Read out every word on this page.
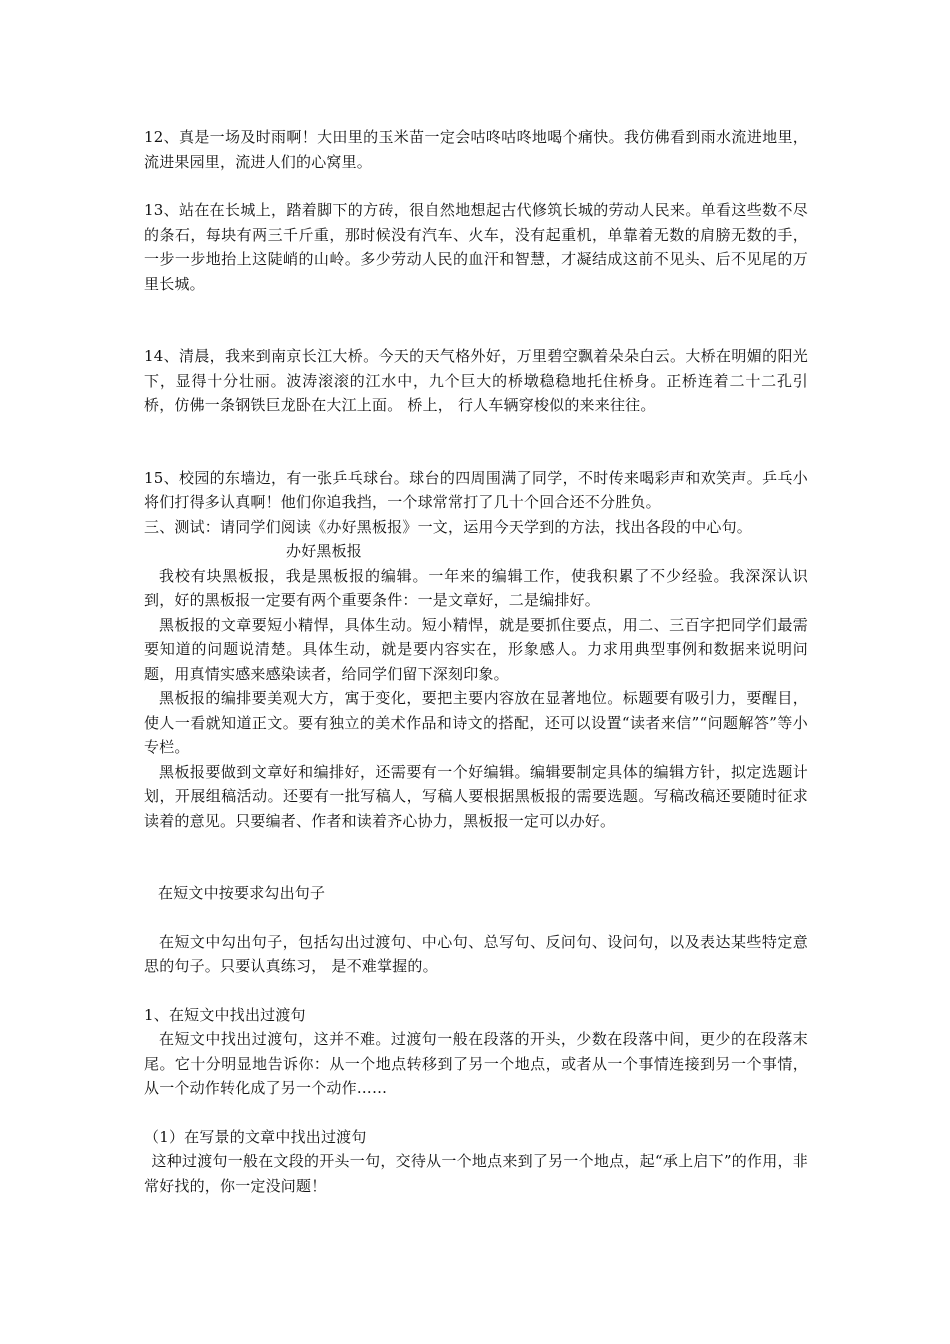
12、真是一场及时雨啊！大田里的玉米苗一定会咕咚咕咚地喝个痛快。我仿佛看到雨水流进地里，流进果园里，流进人们的心窝里。

13、站在在长城上，踏着脚下的方砖，很自然地想起古代修筑长城的劳动人民来。单看这些数不尽的条石，每块有两三千斤重，那时候没有汽车、火车，没有起重机，单靠着无数的肩膀无数的手，一步一步地抬上这陡峭的山岭。多少劳动人民的血汗和智慧，才凝结成这前不见头、后不见尾的万里长城。

14、清晨，我来到南京长江大桥。今天的天气格外好，万里碧空飘着朵朵白云。大桥在明媚的阳光下，显得十分壮丽。波涛滚滚的江水中，九个巨大的桥墩稳稳地托住桥身。正桥连着二十二孔引桥，仿佛一条钢铁巨龙卧在大江上面。 桥上， 行人车辆穿梭似的来来往往。

15、校园的东墙边，有一张乒乓球台。球台的四周围满了同学，不时传来喝彩声和欢笑声。乒乓小将们打得多认真啊！他们你追我挡，一个球常常打了几十个回合还不分胜负。

三、测试：请同学们阅读《办好黑板报》一文，运用今天学到的方法，找出各段的中心句。

办好黑板报

我校有块黑板报，我是黑板报的编辑。一年来的编辑工作，使我积累了不少经验。我深深认识到，好的黑板报一定要有两个重要条件：一是文章好，二是编排好。

黑板报的文章要短小精悍，具体生动。短小精悍，就是要抓住要点，用二、三百字把同学们最需要知道的问题说清楚。具体生动，就是要内容实在，形象感人。力求用典型事例和数据来说明问题，用真情实感来感染读者，给同学们留下深刻印象。

黑板报的编排要美观大方，寓于变化，要把主要内容放在显著地位。标题要有吸引力，要醒目，使人一看就知道正文。要有独立的美术作品和诗文的搭配，还可以设置“读者来信”“问题解答”等小专栏。

黑板报要做到文章好和编排好，还需要有一个好编辑。编辑要制定具体的编辑方针，拟定选题计划，开展组稿活动。还要有一批写稿人，写稿人要根据黑板报的需要选题。写稿改稿还要随时征求读着的意见。只要编者、作者和读着齐心协力，黑板报一定可以办好。

在短文中按要求勾出句子

在短文中勾出句子，包括勾出过渡句、中心句、总写句、反问句、设问句，以及表达某些特定意思的句子。只要认真练习， 是不难掌握的。

1、在短文中找出过渡句

在短文中找出过渡句，这并不难。过渡句一般在段落的开头，少数在段落中间，更少的在段落末尾。它十分明显地告诉你：从一个地点转移到了另一个地点，或者从一个事情连接到另一个事情，从一个动作转化成了另一个动作……

（1）在写景的文章中找出过渡句

这种过渡句一般在文段的开头一句，交待从一个地点来到了另一个地点，起“承上启下”的作用，非常好找的，你一定没问题！
